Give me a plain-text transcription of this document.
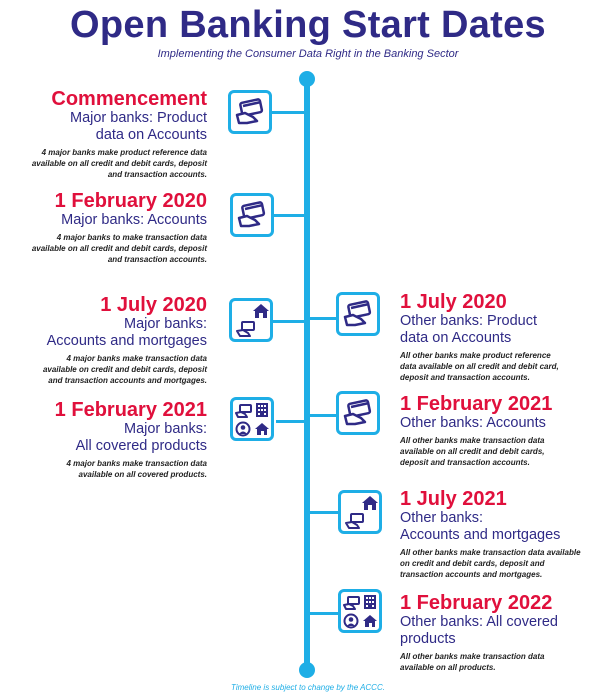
Open Banking Start Dates
Implementing the Consumer Data Right in the Banking Sector
Commencement
Major banks: Product
data on Accounts
4 major banks make product reference data
available on all credit and debit cards, deposit
and transaction accounts.
1 February 2020
Major banks: Accounts
4 major banks to make transaction data
available on all credit and debit cards, deposit
and transaction accounts.
1 July 2020
Major banks:
Accounts and mortgages
4 major banks make transaction data
available on credit and debit cards, deposit
and transaction accounts and mortgages.
1 February 2021
Major banks:
All covered products
4 major banks make transaction data
available on all covered products.
1 July 2020
Other banks: Product
data on Accounts
All other banks make product reference
data available on all credit and debit card,
deposit and transaction accounts.
1 February 2021
Other banks: Accounts
All other banks make transaction data
available on all credit and debit cards,
deposit and transaction accounts.
1 July 2021
Other banks:
Accounts and mortgages
All other banks make transaction data available
on credit and debit cards, deposit and
transaction accounts and mortgages.
1 February 2022
Other banks: All covered
products
All other banks make transaction data
available on all products.
Timeline is subject to change by the ACCC.
